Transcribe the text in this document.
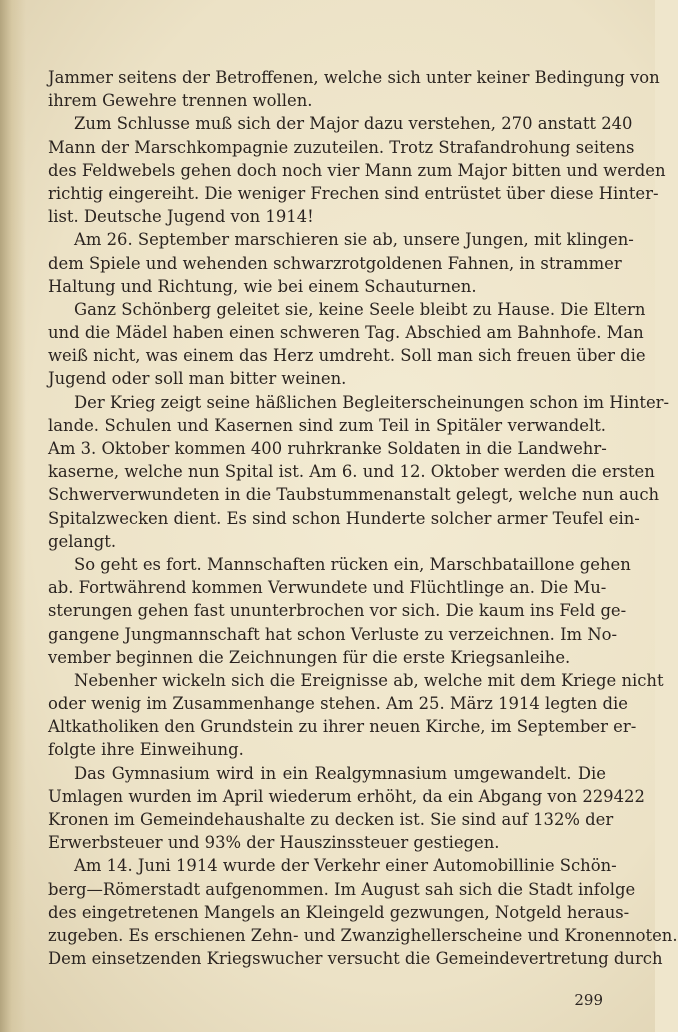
Jammer seitens der Betroffenen, welche sich unter keiner Bedingung von
ihrem Gewehre trennen wollen.
Zum Schlusse muß sich der Major dazu verstehen, 270 anstatt 240
Mann der Marschkompagnie zuzuteilen. Trotz Strafandrohung seitens
des Feldwebels gehen doch noch vier Mann zum Major bitten und werden
richtig eingereiht. Die weniger Frechen sind entrüstet über diese Hinter-
list. Deutsche Jugend von 1914!
Am 26. September marschieren sie ab, unsere Jungen, mit klingen-
dem Spiele und wehenden schwarzrotgoldenen Fahnen, in strammer
Haltung und Richtung, wie bei einem Schauturnen.
Ganz Schönberg geleitet sie, keine Seele bleibt zu Hause. Die Eltern
und die Mädel haben einen schweren Tag. Abschied am Bahnhofe. Man
weiß nicht, was einem das Herz umdreht. Soll man sich freuen über die
Jugend oder soll man bitter weinen.
Der Krieg zeigt seine häßlichen Begleiterscheinungen schon im Hinter-
lande. Schulen und Kasernen sind zum Teil in Spitäler verwandelt.
Am 3. Oktober kommen 400 ruhrkranke Soldaten in die Landwehr-
kaserne, welche nun Spital ist. Am 6. und 12. Oktober werden die ersten
Schwerverwundeten in die Taubstummenanstalt gelegt, welche nun auch
Spitalzwecken dient. Es sind schon Hunderte solcher armer Teufel ein-
gelangt.
So geht es fort. Mannschaften rücken ein, Marschbataillone gehen
ab. Fortwährend kommen Verwundete und Flüchtlinge an. Die Mu-
sterungen gehen fast ununterbrochen vor sich. Die kaum ins Feld ge-
gangene Jungmannschaft hat schon Verluste zu verzeichnen. Im No-
vember beginnen die Zeichnungen für die erste Kriegsanleihe.
Nebenher wickeln sich die Ereignisse ab, welche mit dem Kriege nicht
oder wenig im Zusammenhange stehen. Am 25. März 1914 legten die
Altkatholiken den Grundstein zu ihrer neuen Kirche, im September er-
folgte ihre Einweihung.
Das Gymnasium wird in ein Realgymnasium umgewandelt. Die
Umlagen wurden im April wiederum erhöht, da ein Abgang von 229422
Kronen im Gemeindehaushalte zu decken ist. Sie sind auf 132% der
Erwerbsteuer und 93% der Hauszinssteuer gestiegen.
Am 14. Juni 1914 wurde der Verkehr einer Automobillinie Schön-
berg—Römerstadt aufgenommen. Im August sah sich die Stadt infolge
des eingetretenen Mangels an Kleingeld gezwungen, Notgeld heraus-
zugeben. Es erschienen Zehn- und Zwanzighellerscheine und Kronennoten.
Dem einsetzenden Kriegswucher versucht die Gemeindevertretung durch
299
